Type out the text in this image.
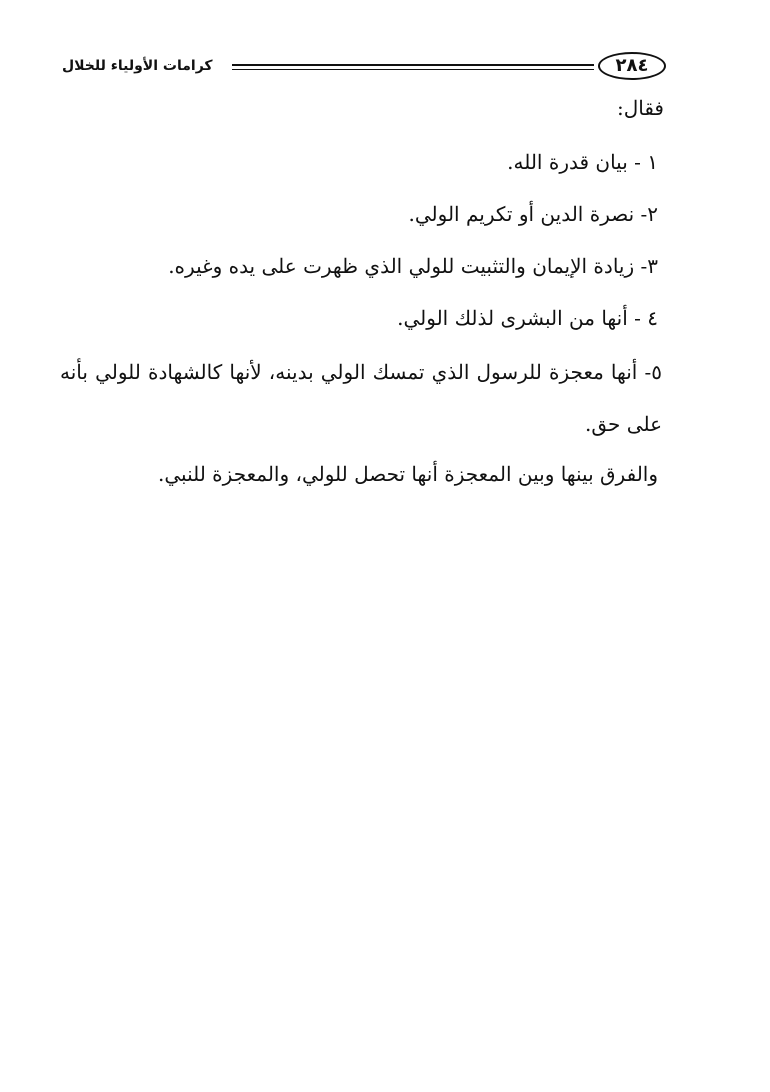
كرامات الأولياء للخلال	٢٨٤
فقال:
١ - بيان قدرة الله.
٢- نصرة الدين أو تكريم الولي.
٣- زيادة الإيمان والتثبيت للولي الذي ظهرت على يده وغيره.
٤ - أنها من البشرى لذلك الولي.
٥- أنها معجزة للرسول الذي تمسك الولي بدينه، لأنها كالشهادة للولي بأنه على حق.
والفرق بينها وبين المعجزة أنها تحصل للولي، والمعجزة للنبي.
